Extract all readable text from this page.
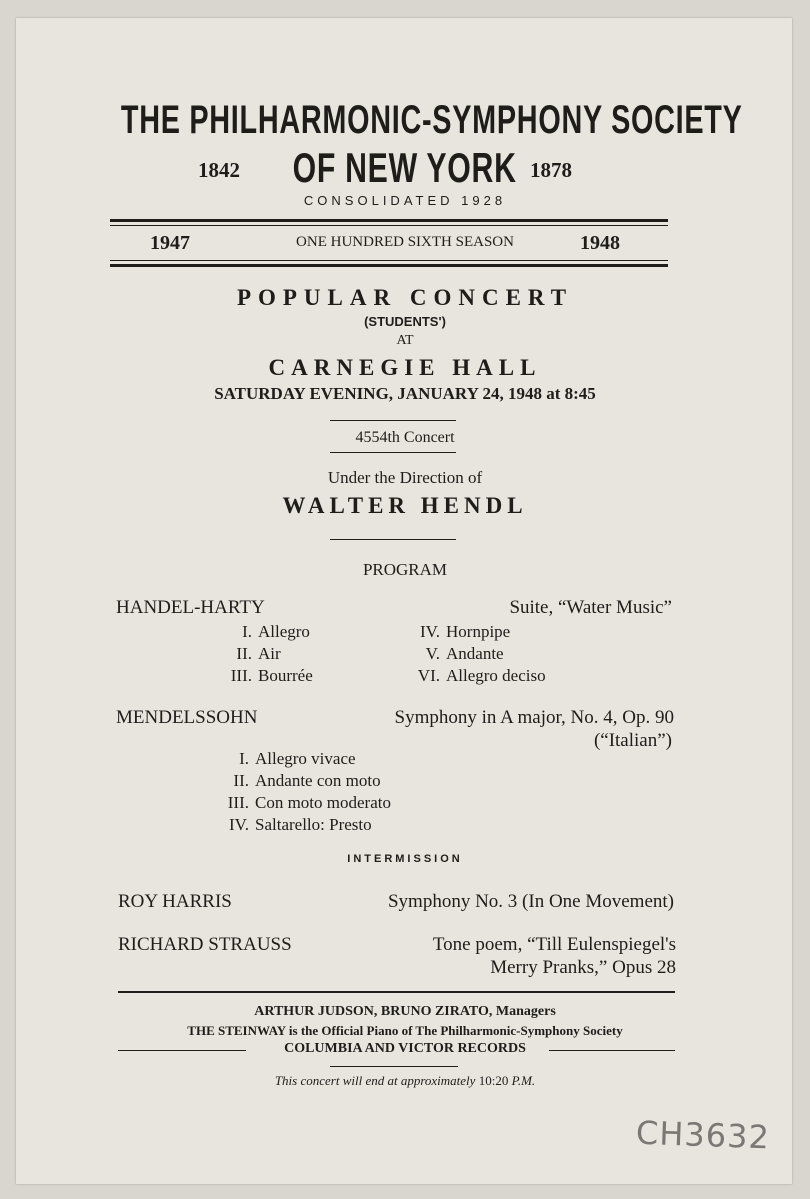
THE PHILHARMONIC-SYMPHONY SOCIETY
1842	OF NEW YORK 1878
CONSOLIDATED 1928
1947	ONE HUNDRED SIXTH SEASON	1948
POPULAR CONCERT
(STUDENTS')
AT
CARNEGIE HALL
SATURDAY EVENING, JANUARY 24, 1948 at 8:45
4554th Concert
Under the Direction of
WALTER HENDL
PROGRAM
HANDEL-HARTY	Suite, “Water Music”
I. Allegro
II. Air
III. Bourrée
IV. Hornpipe
V. Andante
VI. Allegro deciso
MENDELSSOHN	Symphony in A major, No. 4, Op. 90
(“Italian”)
I. Allegro vivace
II. Andante con moto
III. Con moto moderato
IV. Saltarello: Presto
INTERMISSION
ROY HARRIS	Symphony No. 3 (In One Movement)
RICHARD STRAUSS	Tone poem, “Till Eulenspiegel's
Merry Pranks,” Opus 28
ARTHUR JUDSON, BRUNO ZIRATO, Managers
THE STEINWAY is the Official Piano of The Philharmonic-Symphony Society
COLUMBIA AND VICTOR RECORDS
This concert will end at approximately 10:20 P.M.
CH3632
